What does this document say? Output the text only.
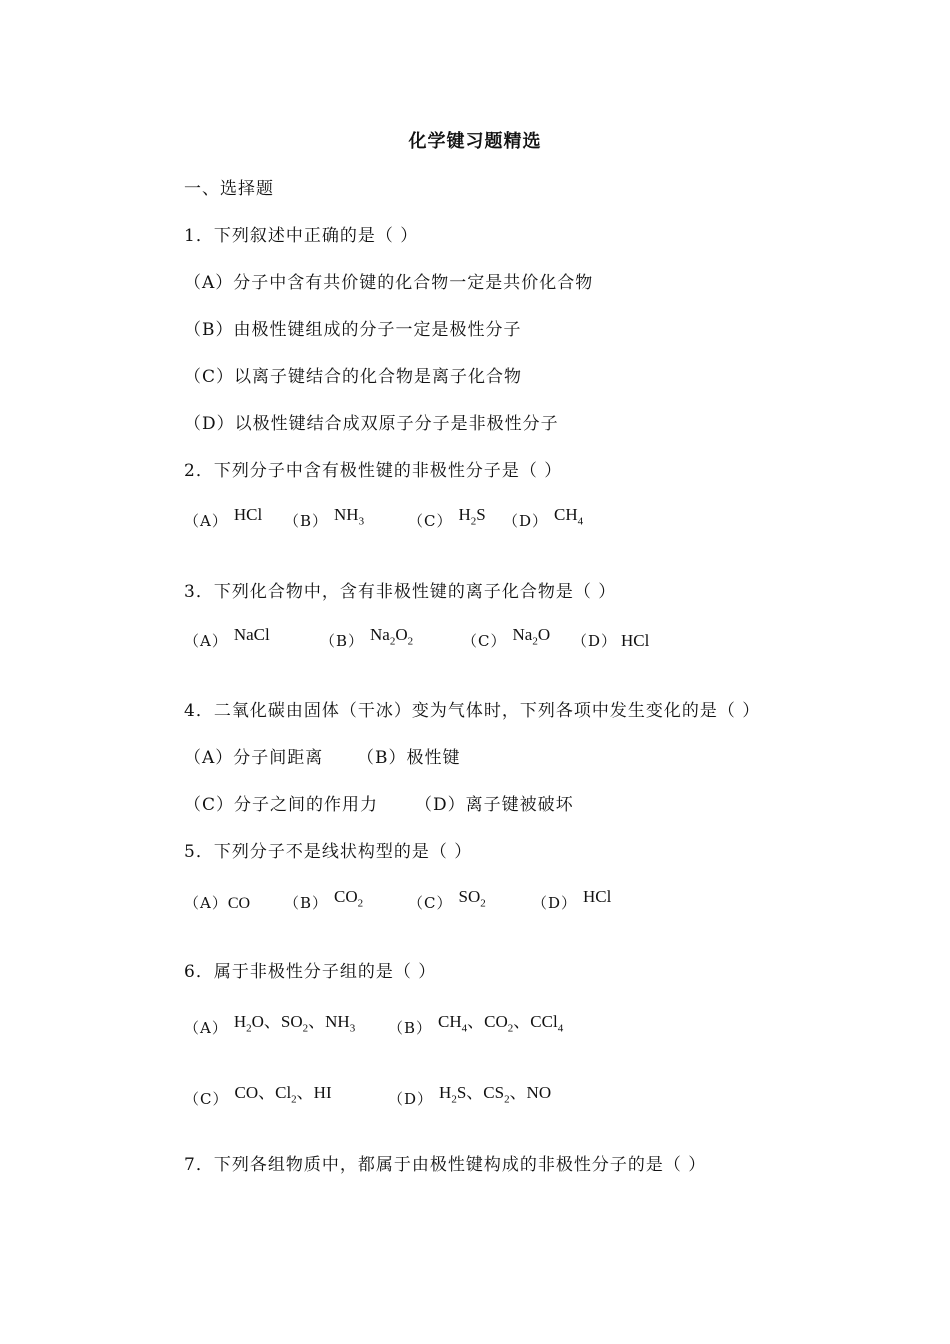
化学键习题精选
一、选择题
1．下列叙述中正确的是（ ）
（A）分子中含有共价键的化合物一定是共价化合物
（B）由极性键组成的分子一定是极性分子
（C）以离子键结合的化合物是离子化合物
（D）以极性键结合成双原子分子是非极性分子
2．下列分子中含有极性键的非极性分子是（ ）
（A） HCl （B） $NH_3$	（C） $H_2S$ （D） $CH_4$
3．下列化合物中，含有非极性键的离子化合物是（ ）
（A） NaCl	（B） $Na_2O_2$	（C） $Na_2O$ （D） HCl
4．二氧化碳由固体（干冰）变为气体时，下列各项中发生变化的是（ ）
（A）分子间距离 （B）极性键
（C）分子之间的作用力 （D）离子键被破坏
5．下列分子不是线状构型的是（ ）
（A）CO （B） $CO_2$	（C） $SO_2$	（D） HCl
6．属于非极性分子组的是（ ）
（A） $H_2O$、$SO_2$、$NH_3$ （B） $CH_4$、$CO_2$、CCl$_4$
（C） CO、$Cl_2$、HI	（D） $H_2S$、$CS_2$、NO
7．下列各组物质中，都属于由极性键构成的非极性分子的是（ ）
